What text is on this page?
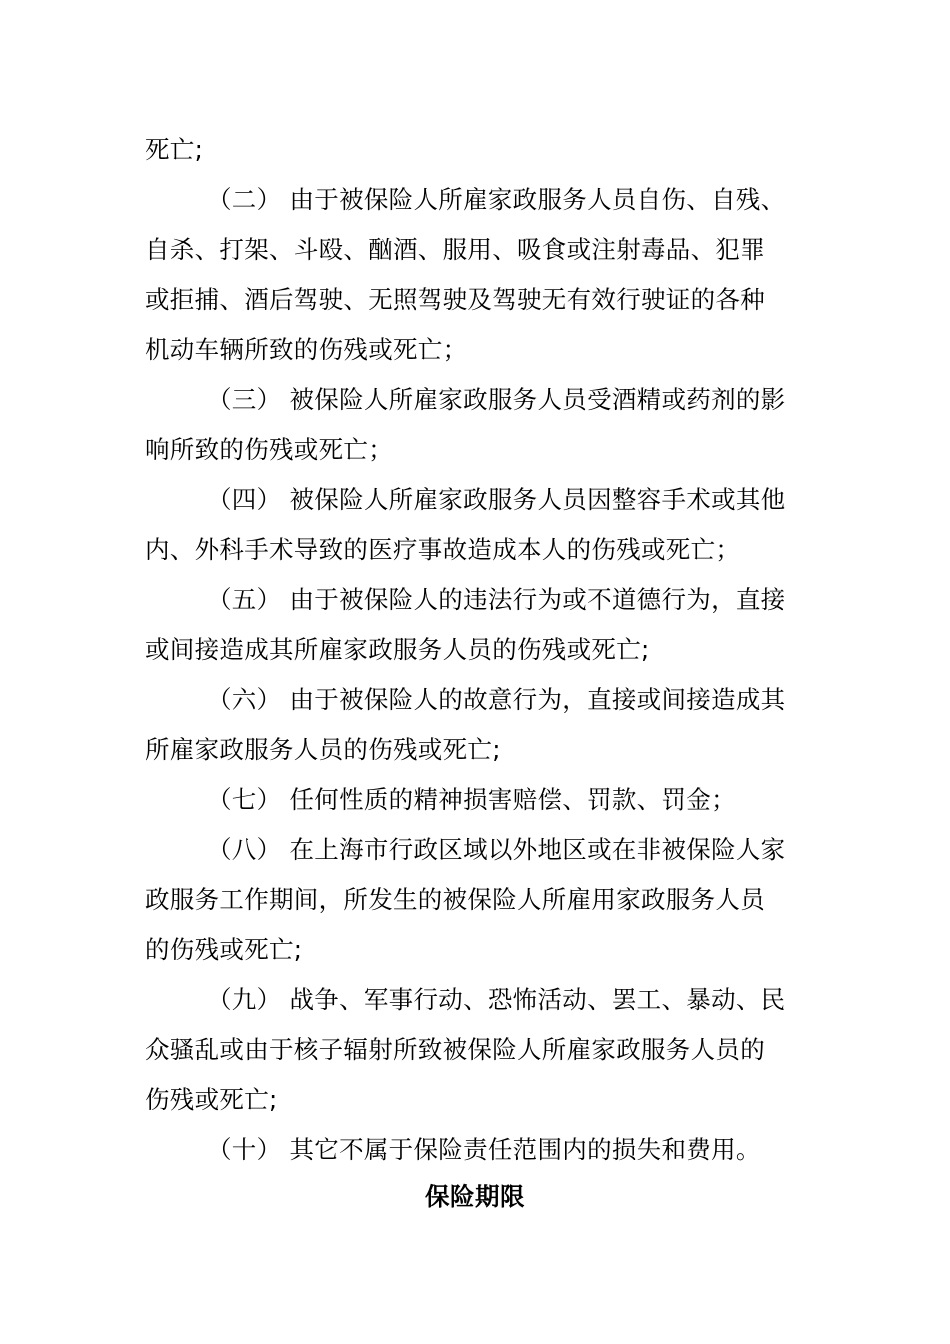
死亡;
（二） 由于被保险人所雇家政服务人员自伤、自残、
自杀、打架、斗殴、酗酒、服用、吸食或注射毒品、犯罪
或拒捕、酒后驾驶、无照驾驶及驾驶无有效行驶证的各种
机动车辆所致的伤残或死亡；
（三） 被保险人所雇家政服务人员受酒精或药剂的影
响所致的伤残或死亡；
（四） 被保险人所雇家政服务人员因整容手术或其他
内、外科手术导致的医疗事故造成本人的伤残或死亡；
（五） 由于被保险人的违法行为或不道德行为，直接
或间接造成其所雇家政服务人员的伤残或死亡;
（六） 由于被保险人的故意行为，直接或间接造成其
所雇家政服务人员的伤残或死亡;
（七） 任何性质的精神损害赔偿、罚款、罚金；
（八） 在上海市行政区域以外地区或在非被保险人家
政服务工作期间，所发生的被保险人所雇用家政服务人员
的伤残或死亡;
（九） 战争、军事行动、恐怖活动、罢工、暴动、民
众骚乱或由于核子辐射所致被保险人所雇家政服务人员的
伤残或死亡;
（十） 其它不属于保险责任范围内的损失和费用。
保险期限
